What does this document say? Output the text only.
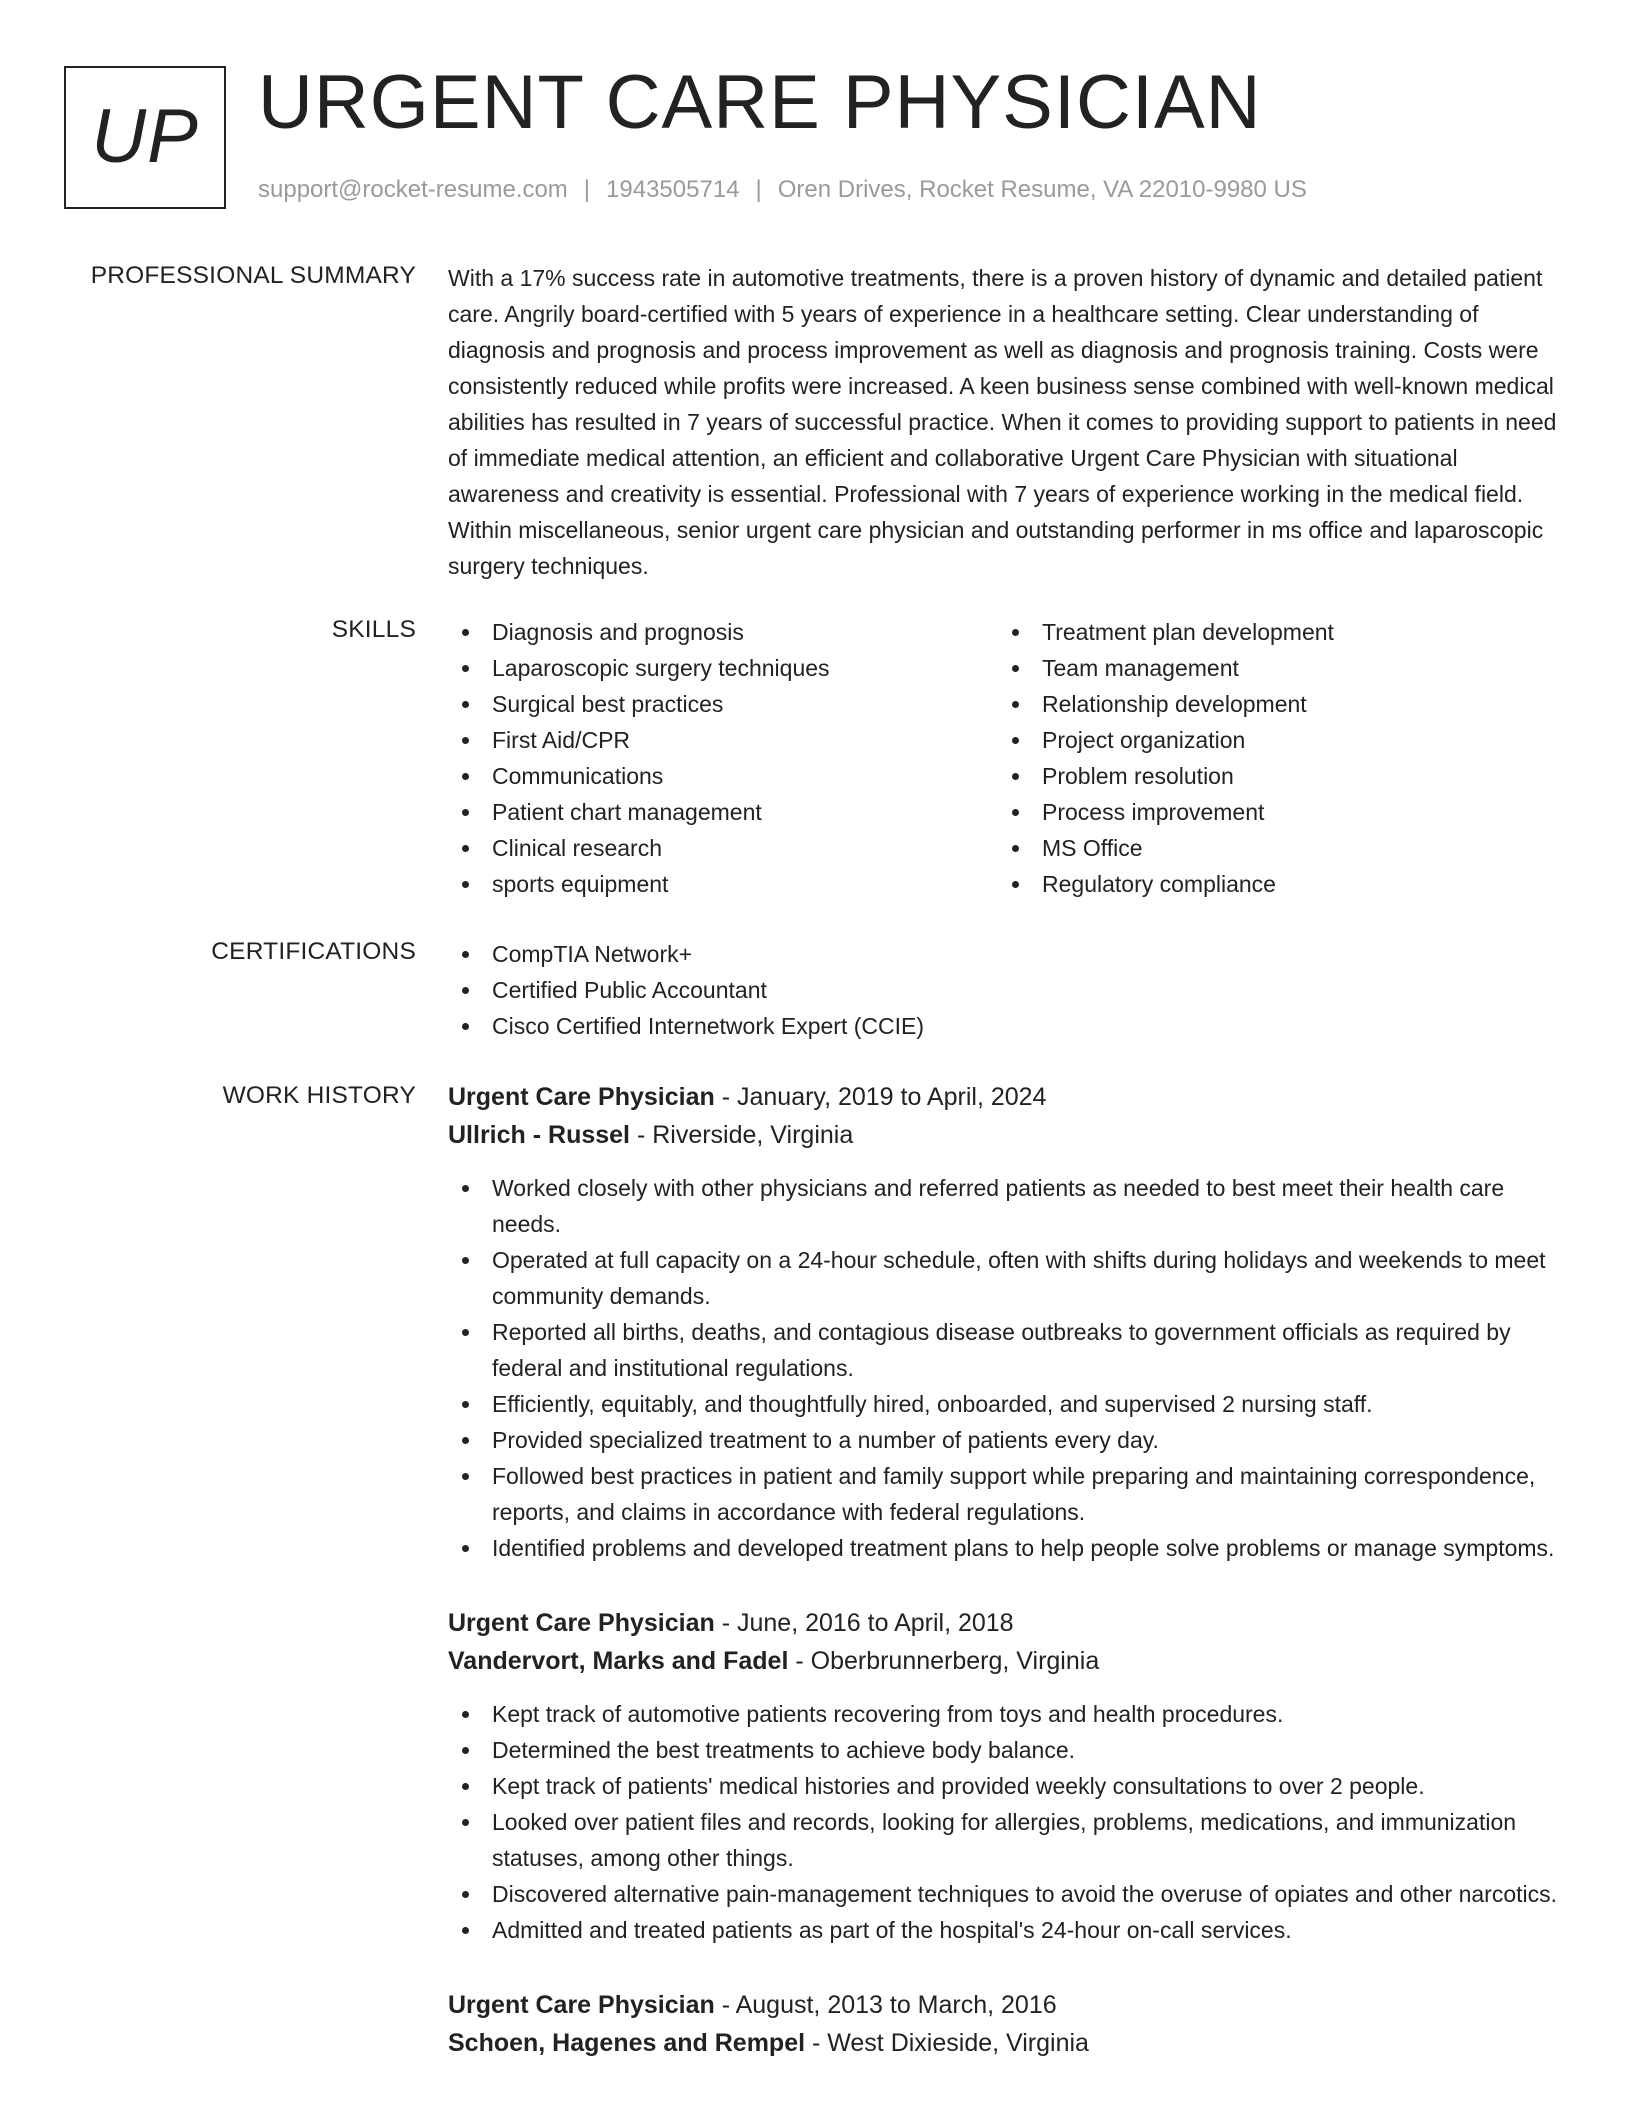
UP URGENT CARE PHYSICIAN
support@rocket-resume.com | 1943505714 | Oren Drives, Rocket Resume, VA 22010-9980 US
PROFESSIONAL SUMMARY With a 17% success rate in automotive treatments, there is a proven history of dynamic and detailed patient care. Angrily board-certified with 5 years of experience in a healthcare setting. Clear understanding of diagnosis and prognosis and process improvement as well as diagnosis and prognosis training. Costs were consistently reduced while profits were increased. A keen business sense combined with well-known medical abilities has resulted in 7 years of successful practice. When it comes to providing support to patients in need of immediate medical attention, an efficient and collaborative Urgent Care Physician with situational awareness and creativity is essential. Professional with 7 years of experience working in the medical field. Within miscellaneous, senior urgent care physician and outstanding performer in ms office and laparoscopic surgery techniques.
SKILLS	Diagnosis and prognosis
Laparoscopic surgery techniques
Surgical best practices
First Aid/CPR
Communications
Patient chart management
Clinical research
sports equipment
Treatment plan development
Team management
Relationship development
Project organization
Problem resolution
Process improvement
MS Office
Regulatory compliance
CERTIFICATIONS	CompTIA Network+
Certified Public Accountant
Cisco Certified Internetwork Expert (CCIE)
WORK HISTORY Urgent Care Physician - January, 2019 to April, 2024
Ullrich - Russel - Riverside, Virginia
Worked closely with other physicians and referred patients as needed to best meet their health care needs.
Operated at full capacity on a 24-hour schedule, often with shifts during holidays and weekends to meet community demands.
Reported all births, deaths, and contagious disease outbreaks to government officials as required by federal and institutional regulations.
Efficiently, equitably, and thoughtfully hired, onboarded, and supervised 2 nursing staff.
Provided specialized treatment to a number of patients every day.
Followed best practices in patient and family support while preparing and maintaining correspondence, reports, and claims in accordance with federal regulations.
Identified problems and developed treatment plans to help people solve problems or manage symptoms.
Urgent Care Physician - June, 2016 to April, 2018
Vandervort, Marks and Fadel - Oberbrunnerberg, Virginia
Kept track of automotive patients recovering from toys and health procedures.
Determined the best treatments to achieve body balance.
Kept track of patients' medical histories and provided weekly consultations to over 2 people.
Looked over patient files and records, looking for allergies, problems, medications, and immunization statuses, among other things.
Discovered alternative pain-management techniques to avoid the overuse of opiates and other narcotics.
Admitted and treated patients as part of the hospital's 24-hour on-call services.
Urgent Care Physician - August, 2013 to March, 2016
Schoen, Hagenes and Rempel - West Dixieside, Virginia
